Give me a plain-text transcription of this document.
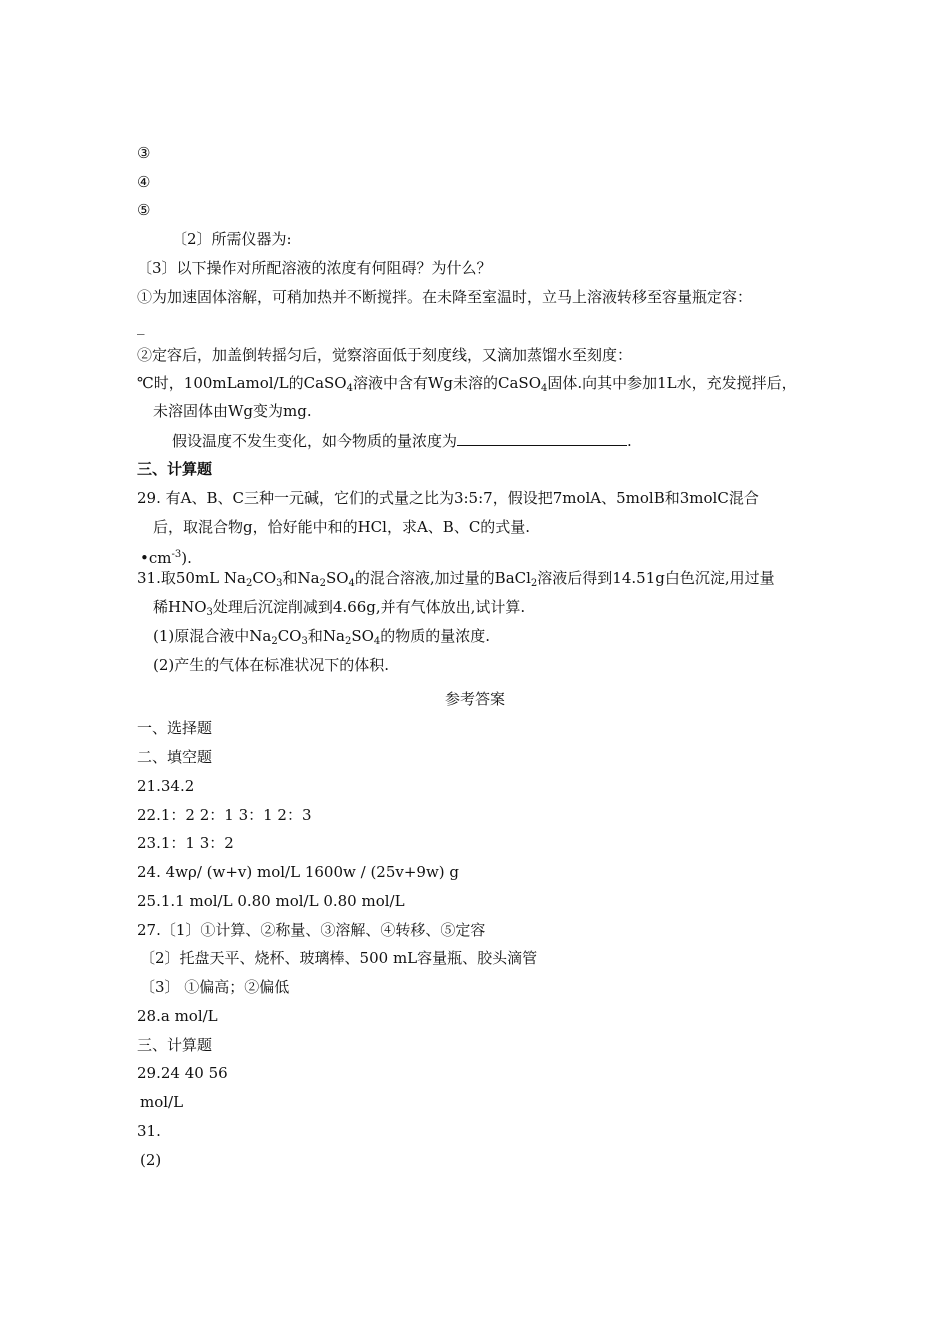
③
④
⑤
〔2〕所需仪器为:
〔3〕以下操作对所配溶液的浓度有何阻碍？为什么？
①为加速固体溶解，可稍加热并不断搅拌。在未降至室温时，立马上溶液转移至容量瓶定容：
_
②定容后，加盖倒转摇匀后，觉察溶面低于刻度线，又滴加蒸馏水至刻度：
℃时，100mLamol/L的CaSO$_4$溶液中含有Wg未溶的CaSO$_4$固体.向其中参加1L水，充发搅拌后，
未溶固体由Wg变为mg.
假设温度不发生变化，如今物质的量浓度为	.
三、计算题
29. 有A、B、C三种一元碱，它们的式量之比为3:5:7，假设把7molA、5molB和3molC混合
后，取混合物g，恰好能中和的HCl，求A、B、C的式量.
$•cm^{-3}$).
31.取50mL $Na_2CO_3$和$Na_2SO_4$的混合溶液,加过量的BaCl$_2$溶液后得到14.51g白色沉淀,用过量
稀$HNO_3$处理后沉淀削减到4.66g,并有气体放出,试计算.
(1)原混合液中$Na_2CO_3$和$Na_2SO_4$的物质的量浓度.
(2)产生的气体在标准状况下的体积.
参考答案
一、选择题
二、填空题
21.34.2
22.1：2 2：1 3：1 2：3
23.1：1 3：2
24. 4wρ/ (w+v) mol/L 1600w / (25v+9w) g
25.1.1 mol/L 0.80 mol/L 0.80 mol/L
27.〔1〕①计算、②称量、③溶解、④转移、⑤定容
〔2〕托盘天平、烧杯、玻璃棒、500 mL容量瓶、胶头滴管
〔3〕 ①偏高；②偏低
28.a mol/L
三、计算题
29.24 40 56
mol/L
31.
(2)
